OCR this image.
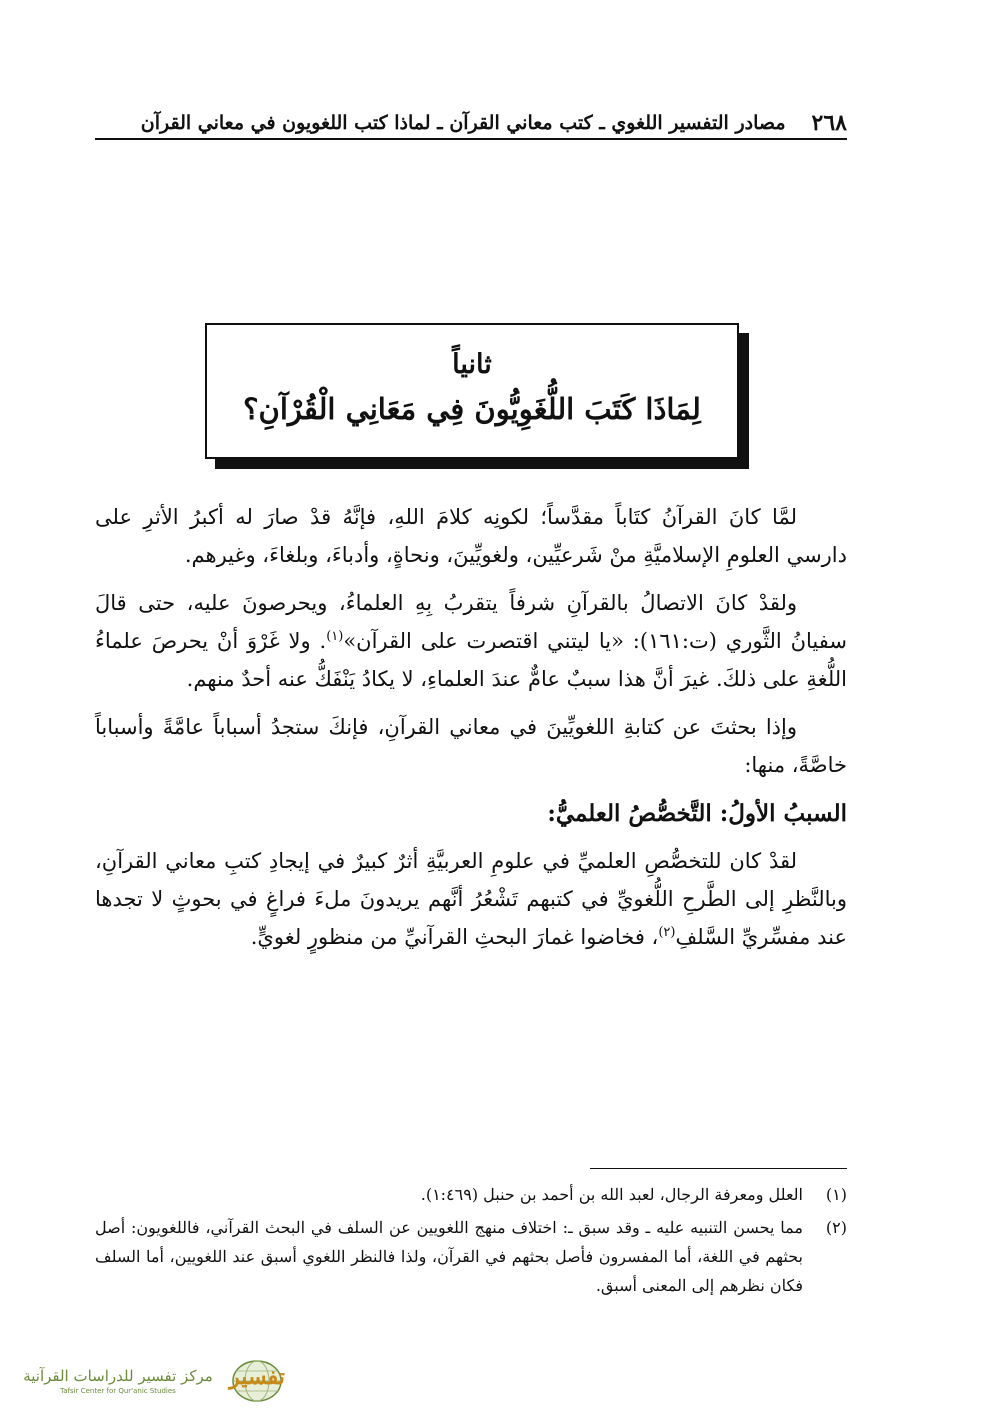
٢٦٨
مصادر التفسير اللغوي ـ كتب معاني القرآن ـ لماذا كتب اللغويون في معاني القرآن
ثانياً
لِمَاذَا كَتَبَ اللُّغَوِيُّونَ فِي مَعَانِي الْقُرْآنِ؟

لمَّا كانَ القرآنُ كتَاباً مقدَّساً؛ لكونِه كلامَ اللهِ، فإنَّهُ قدْ صارَ له أكبرُ الأثرِ على دارسي العلومِ الإسلاميَّةِ منْ شَرعيِّين، ولغويِّينَ، ونحاةٍ، وأدباءَ، وبلغاءَ، وغيرهم.

ولقدْ كانَ الاتصالُ بالقرآنِ شرفاً يتقربُ بِهِ العلماءُ، ويحرصونَ عليه، حتى قالَ سفيانُ الثَّوري (ت:١٦١): «يا ليتني اقتصرت على القرآن»$^{(١)}$. ولا غَرْوَ أنْ يحرصَ علماءُ اللُّغةِ على ذلكَ. غيرَ أنَّ هذا سببٌ عامٌّ عندَ العلماءِ، لا يكادُ يَنْفَكُّ عنه أحدٌ منهم.

وإذا بحثتَ عن كتابةِ اللغويِّينَ في معاني القرآنِ، فإنكَ ستجدُ أسباباً عامَّةً وأسباباً خاصَّةً، منها:

السببُ الأولُ: التَّخصُّصُ العلميُّ:

لقدْ كان للتخصُّصِ العلميِّ في علومِ العربيَّةِ أثرٌ كبيرٌ في إيجادِ كتبِ معاني القرآنِ، وبالنَّظرِ إلى الطَّرحِ اللُّغويِّ في كتبهم تَشْعُرُ أنَّهم يريدونَ ملءَ فراغٍ في بحوثٍ لا تجدها عند مفسِّريِّ السَّلفِ$^{(٢)}$، فخاضوا غمارَ البحثِ القرآنيِّ من منظورٍ لغويٍّ.

(١)
العلل ومعرفة الرجال، لعبد الله بن أحمد بن حنبل (١:٤٦٩).
(٢)
مما يحسن التنبيه عليه ـ وقد سبق ـ: اختلاف منهج اللغويين عن السلف في البحث القرآني، فاللغويون: أصل بحثهم في اللغة، أما المفسرون فأصل بحثهم في القرآن، ولذا فالنظر اللغوي أسبق عند اللغويين، أما السلف فكان نظرهم إلى المعنى أسبق.
مركز تفسير للدراسات القرآنية
Tafsir Center for Qur'anic Studies
تفسير
